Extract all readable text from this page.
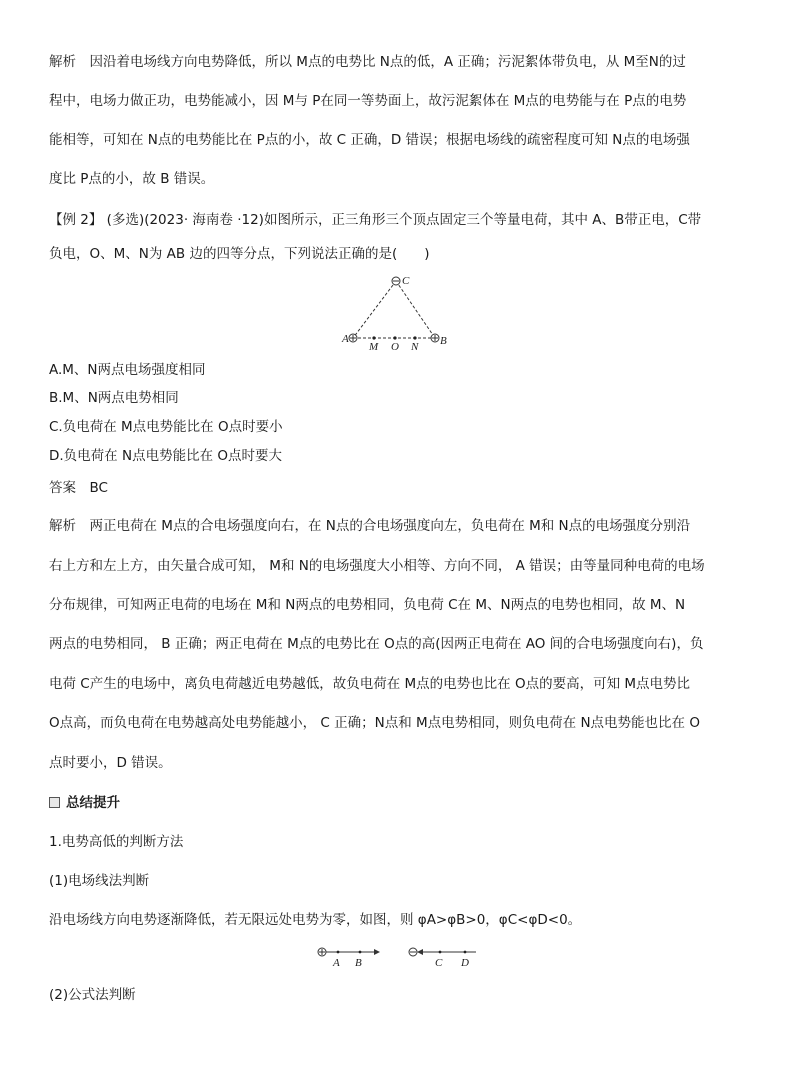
解析　因沿着电场线方向电势降低，所以 M点的电势比 N点的低，A 正确；污泥絮体带负电，从 M至N的过
程中，电场力做正功，电势能减小，因 M与 P在同一等势面上，故污泥絮体在 M点的电势能与在 P点的电势
能相等，可知在 N点的电势能比在 P点的小，故 C 正确，D 错误；根据电场线的疏密程度可知 N点的电场强
度比 P点的小，故 B 错误。
【例 2】 (多选)(2023· 海南卷 ·12)如图所示，正三角形三个顶点固定三个等量电荷，其中 A、B带正电，C带
负电，O、M、N为 AB 边的四等分点，下列说法正确的是(　　)
C
A	B
M O N
A.M、N两点电场强度相同
B.M、N两点电势相同
C.负电荷在 M点电势能比在 O点时要小
D.负电荷在 N点电势能比在 O点时要大
答案　BC
解析　两正电荷在 M点的合电场强度向右，在 N点的合电场强度向左，负电荷在 M和 N点的电场强度分别沿
右上方和左上方，由矢量合成可知， M和 N的电场强度大小相等、方向不同， A 错误；由等量同种电荷的电场
分布规律，可知两正电荷的电场在 M和 N两点的电势相同，负电荷 C在 M、N两点的电势也相同，故 M、N
两点的电势相同， B 正确；两正电荷在 M点的电势比在 O点的高(因两正电荷在 AO 间的合电场强度向右)，负
电荷 C产生的电场中，离负电荷越近电势越低，故负电荷在 M点的电势也比在 O点的要高，可知 M点电势比
O点高，而负电荷在电势越高处电势能越小， C 正确；N点和 M点电势相同，则负电荷在 N点电势能也比在 O
点时要小，D 错误。
总结提升
1.电势高低的判断方法
(1)电场线法判断
沿电场线方向电势逐渐降低，若无限远处电势为零，如图，则 φA>φB>0，φC<φD<0。
A B	C D
(2)公式法判断
